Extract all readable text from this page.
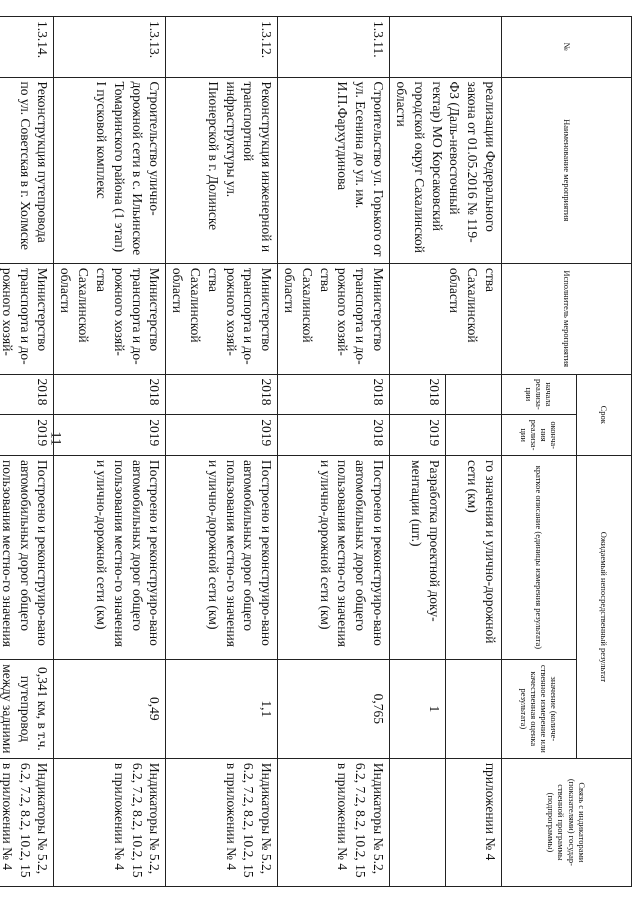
11
№	Наименование мероприятия	Исполнитель мероприятия	Срок		Ожидаемый непосредственный результат		Связь с индикаторами (показателями) государ-ственной программы (подпрограммы)
			начала реализа-ции	оконча-ния реализа-ции	краткое описание (единицы измерения результата)	значение (количе-ственное измерение или качественная оценка результата)	
	реализации Федерального закона от 01.05.2016 № 119-ФЗ (Даль-невосточный гектар) МО Корсаковский городской округ Сахалинской области	ства Сахалинской области			го значения и улично-дорожной сети (км)		приложении № 4
			2018	2019	Разработка проектной доку-ментации (шт.)	1	
1.3.11.	Строительство ул. Горького от ул. Есенина до ул. им. И.П.Фархутдинова	Министерство транспорта и до-рожного хозяй-ства Сахалинской области	2018	2018	Построено и реконструиро-вано автомобильных дорог общего пользования местно-го значения и улично-дорожной сети (км)	0,765	Индикаторы № 5.2, 6.2, 7.2, 8.2, 10.2, 15 в приложении № 4
1.3.12.	Реконструкция инженерной и транспортной инфраструктуры ул. Пионерской в г. Долинске	Министерство транспорта и до-рожного хозяй-ства Сахалинской области	2018	2019	Построено и реконструиро-вано автомобильных дорог общего пользования местно-го значения и улично-дорожной сети (км)	1,1	Индикаторы № 5.2, 6.2, 7.2, 8.2, 10.2, 15 в приложении № 4
1.3.13.	Строительство улично-дорожной сети в с. Ильинское Томаринского района (1 этап) I пусковой комплекс	Министерство транспорта и до-рожного хозяй-ства Сахалинской области	2018	2019	Построено и реконструиро-вано автомобильных дорог общего пользования местно-го значения и улично-дорожной сети (км)	0,49	Индикаторы № 5.2, 6.2, 7.2, 8.2, 10.2, 15 в приложении № 4
1.3.14.	Реконструкция путепровода по ул. Советская в г. Холмске	Министерство транспорта и до-рожного хозяй-	2018	2019	Построено и реконструиро-вано автомобильных дорог общего пользования местно-го значения	0,341 км, в т.ч. путепровод между задними	Индикаторы № 5.2, 6.2, 7.2, 8.2, 10.2, 15 в приложении № 4
